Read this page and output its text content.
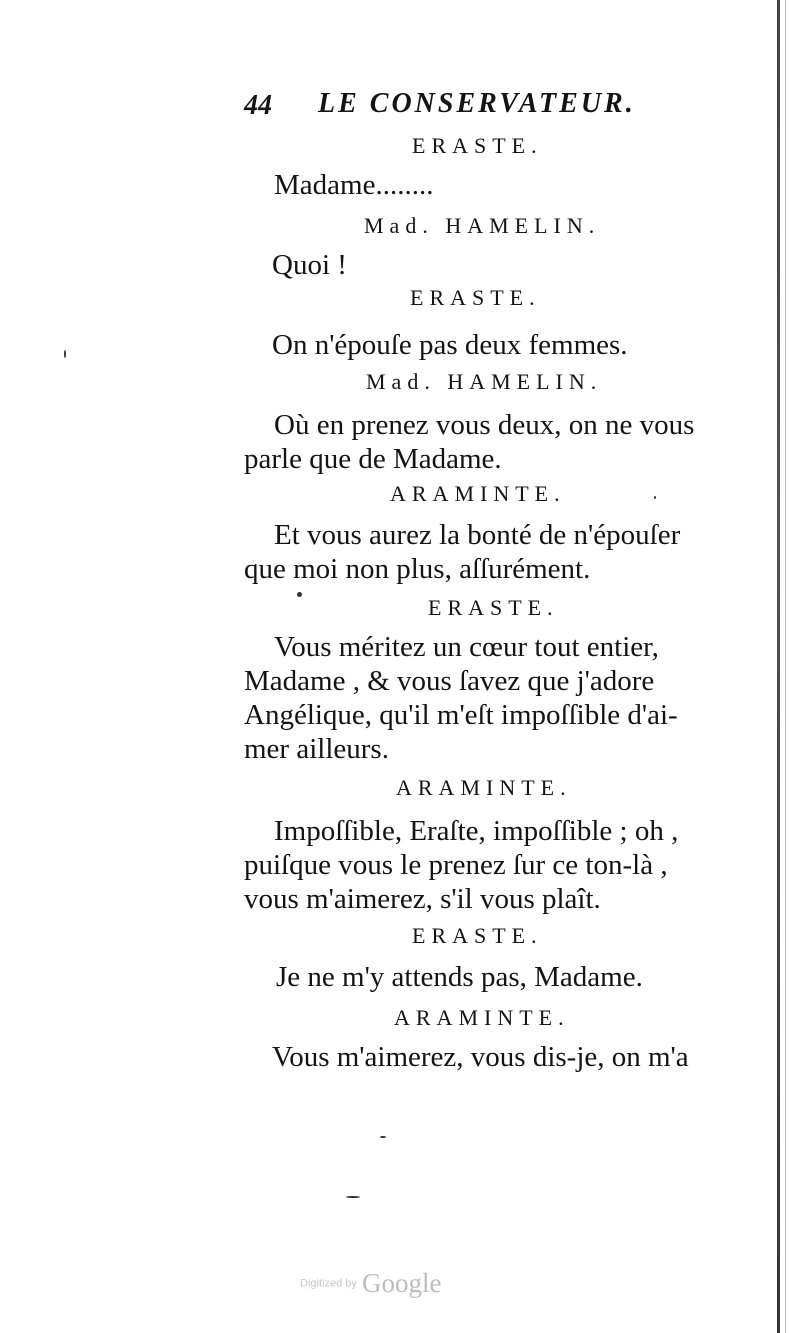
44 LE CONSERVATEUR.
ERASTE.
Madame........
Mad. HAMELIN.
Quoi !
ERASTE.
On n'épouſe pas deux femmes.
Mad. HAMELIN.
Où en prenez vous deux, on ne vous
parle que de Madame.
ARAMINTE.
Et vous aurez la bonté de n'épouſer
que moi non plus, aſſurément.
ERASTE.
Vous méritez un cœur tout entier,
Madame , & vous ſavez que j'adore
Angélique, qu'il m'eſt impoſſible d'ai-
mer ailleurs.
ARAMINTE.
Impoſſible, Eraſte, impoſſible ; oh ,
puiſque vous le prenez ſur ce ton-là ,
vous m'aimerez, s'il vous plaît.
ERASTE.
Je ne m'y attends pas, Madame.
ARAMINTE.
Vous m'aimerez, vous dis-je, on m'a
Digitized by Google
